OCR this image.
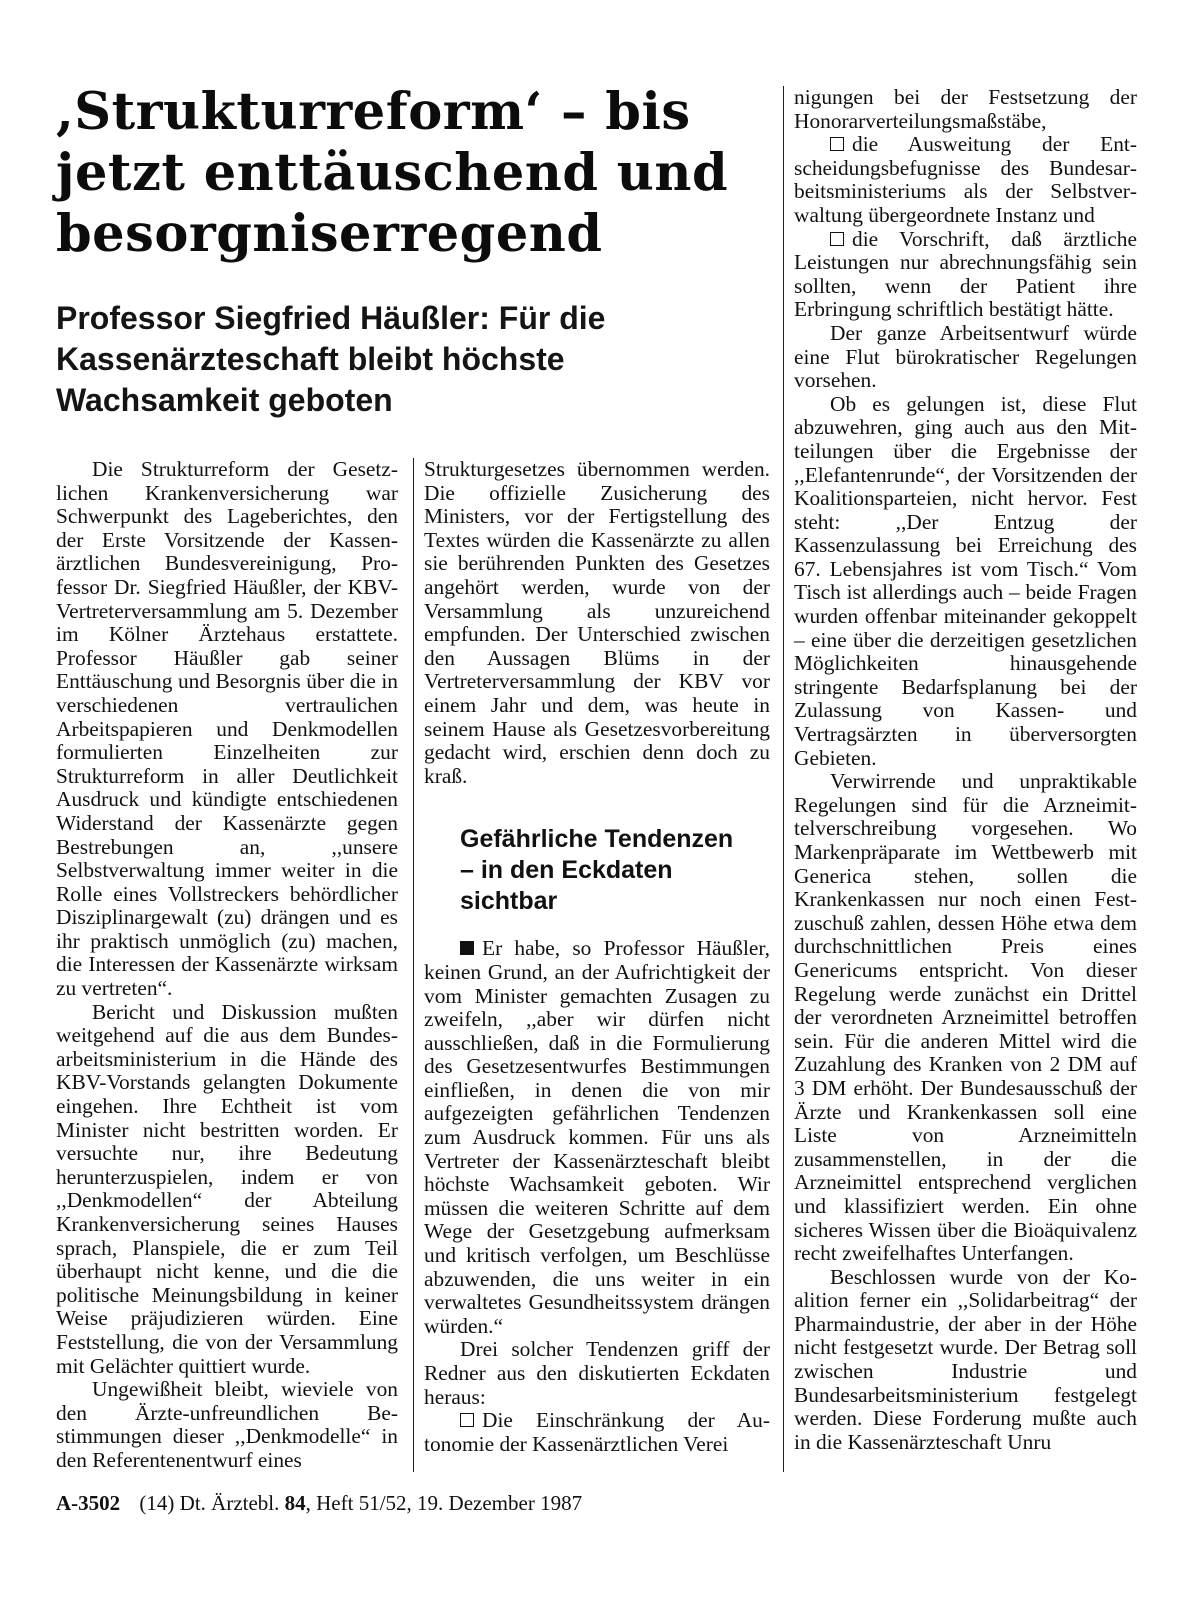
,Strukturreform‘ – bis jetzt enttäuschend und besorgniserregend
Professor Siegfried Häußler: Für die Kassenärzteschaft bleibt höchste Wachsamkeit geboten

Die Strukturreform der Gesetzlichen Krankenversicherung war Schwerpunkt des Lageberichtes, den der Erste Vorsitzende der Kassenärztlichen Bundesvereinigung, Professor Dr. Siegfried Häußler, der KBV-Vertreterversammlung am 5. Dezember im Kölner Ärztehaus erstattete. Professor Häußler gab seiner Enttäuschung und Besorgnis über die in verschiedenen vertraulichen Arbeitspapieren und Denkmodellen formulierten Einzelheiten zur Strukturreform in aller Deutlichkeit Ausdruck und kündigte entschiedenen Widerstand der Kassenärzte gegen Bestrebungen an, ,,unsere Selbstverwaltung immer weiter in die Rolle eines Vollstreckers behördlicher Disziplinargewalt (zu) drängen und es ihr praktisch unmöglich (zu) machen, die Interessen der Kassenärzte wirksam zu vertreten“.

Bericht und Diskussion mußten weitgehend auf die aus dem Bundesarbeitsministerium in die Hände des KBV-Vorstands gelangten Dokumente eingehen. Ihre Echtheit ist vom Minister nicht bestritten worden. Er versuchte nur, ihre Bedeutung herunterzuspielen, indem er von ,,Denkmodellen“ der Abteilung Krankenversicherung seines Hauses sprach, Planspiele, die er zum Teil überhaupt nicht kenne, und die die politische Meinungsbildung in keiner Weise präjudizieren würden. Eine Feststellung, die von der Versammlung mit Gelächter quittiert wurde.

Ungewißheit bleibt, wieviele von den Ärzte-unfreundlichen Bestimmungen dieser ,,Denkmodelle“ in den Referentenentwurf eines

Strukturgesetzes übernommen werden. Die offizielle Zusicherung des Ministers, vor der Fertigstellung des Textes würden die Kassenärzte zu allen sie berührenden Punkten des Gesetzes angehört werden, wurde von der Versammlung als unzureichend empfunden. Der Unterschied zwischen den Aussagen Blüms in der Vertreterversammlung der KBV vor einem Jahr und dem, was heute in seinem Hause als Gesetzesvorbereitung gedacht wird, erschien denn doch zu kraß.

Gefährliche Tendenzen – in den Eckdaten sichtbar

Er habe, so Professor Häußler, keinen Grund, an der Aufrichtigkeit der vom Minister gemachten Zusagen zu zweifeln, ,,aber wir dürfen nicht ausschließen, daß in die Formulierung des Gesetzesentwurfes Bestimmungen einfließen, in denen die von mir aufgezeigten gefährlichen Tendenzen zum Ausdruck kommen. Für uns als Vertreter der Kassenärzteschaft bleibt höchste Wachsamkeit geboten. Wir müssen die weiteren Schritte auf dem Wege der Gesetzgebung aufmerksam und kritisch verfolgen, um Beschlüsse abzuwenden, die uns weiter in ein verwaltetes Gesundheitssystem drängen würden.“

Drei solcher Tendenzen griff der Redner aus den diskutierten Eckdaten heraus:

Die Einschränkung der Autonomie der Kassenärztlichen Verei

nigungen bei der Festsetzung der Honorarverteilungsmaßstäbe,

die Ausweitung der Entscheidungsbefugnisse des Bundesarbeitsministeriums als der Selbstverwaltung übergeordnete Instanz und

die Vorschrift, daß ärztliche Leistungen nur abrechnungsfähig sein sollten, wenn der Patient ihre Erbringung schriftlich bestätigt hätte.

Der ganze Arbeitsentwurf würde eine Flut bürokratischer Regelungen vorsehen.

Ob es gelungen ist, diese Flut abzuwehren, ging auch aus den Mitteilungen über die Ergebnisse der ,,Elefantenrunde“, der Vorsitzenden der Koalitionsparteien, nicht hervor. Fest steht: ,,Der Entzug der Kassenzulassung bei Erreichung des 67. Lebensjahres ist vom Tisch.“ Vom Tisch ist allerdings auch – beide Fragen wurden offenbar miteinander gekoppelt – eine über die derzeitigen gesetzlichen Möglichkeiten hinausgehende stringente Bedarfsplanung bei der Zulassung von Kassen- und Vertragsärzten in überversorgten Gebieten.

Verwirrende und unpraktikable Regelungen sind für die Arzneimittelverschreibung vorgesehen. Wo Markenpräparate im Wettbewerb mit Generica stehen, sollen die Krankenkassen nur noch einen Festzuschuß zahlen, dessen Höhe etwa dem durchschnittlichen Preis eines Genericums entspricht. Von dieser Regelung werde zunächst ein Drittel der verordneten Arzneimittel betroffen sein. Für die anderen Mittel wird die Zuzahlung des Kranken von 2 DM auf 3 DM erhöht. Der Bundesausschuß der Ärzte und Krankenkassen soll eine Liste von Arzneimitteln zusammenstellen, in der die Arzneimittel entsprechend verglichen und klassifiziert werden. Ein ohne sicheres Wissen über die Bioäquivalenz recht zweifelhaftes Unterfangen.

Beschlossen wurde von der Koalition ferner ein ,,Solidarbeitrag“ der Pharmaindustrie, der aber in der Höhe nicht festgesetzt wurde. Der Betrag soll zwischen Industrie und Bundesarbeitsministerium festgelegt werden. Diese Forderung mußte auch in die Kassenärzteschaft Unru

A-3502 (14) Dt. Ärztebl. 84, Heft 51/52, 19. Dezember 1987
